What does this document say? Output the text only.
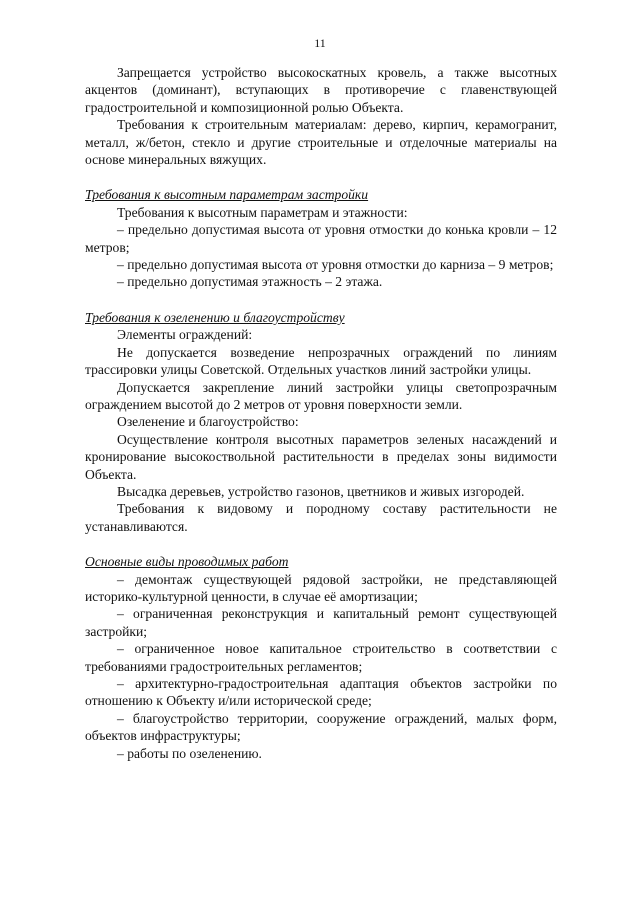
11

Запрещается устройство высокоскатных кровель, а также высотных акцентов (доминант), вступающих в противоречие с главенствующей градостроительной и композиционной ролью Объекта.

Требования к строительным материалам: дерево, кирпич, керамогранит, металл, ж/бетон, стекло и другие строительные и отделочные материалы на основе минеральных вяжущих.

Требования к высотным параметрам застройки

Требования к высотным параметрам и этажности:

– предельно допустимая высота от уровня отмостки до конька кровли – 12 метров;

– предельно допустимая высота от уровня отмостки до карниза – 9 метров;

– предельно допустимая этажность – 2 этажа.

Требования к озеленению и благоустройству

Элементы ограждений:

Не допускается возведение непрозрачных ограждений по линиям трассировки улицы Советской. Отдельных участков линий застройки улицы.

Допускается закрепление линий застройки улицы светопрозрачным ограждением высотой до 2 метров от уровня поверхности земли.

Озеленение и благоустройство:

Осуществление контроля высотных параметров зеленых насаждений и кронирование высокоствольной растительности в пределах зоны видимости Объекта.

Высадка деревьев, устройство газонов, цветников и живых изгородей.

Требования к видовому и породному составу растительности не устанавливаются.

Основные виды проводимых работ

– демонтаж существующей рядовой застройки, не представляющей историко-культурной ценности, в случае её амортизации;

– ограниченная реконструкция и капитальный ремонт существующей застройки;

– ограниченное новое капитальное строительство в соответствии с требованиями градостроительных регламентов;

– архитектурно-градостроительная адаптация объектов застройки по отношению к Объекту и/или исторической среде;

– благоустройство территории, сооружение ограждений, малых форм, объектов инфраструктуры;

– работы по озеленению.
